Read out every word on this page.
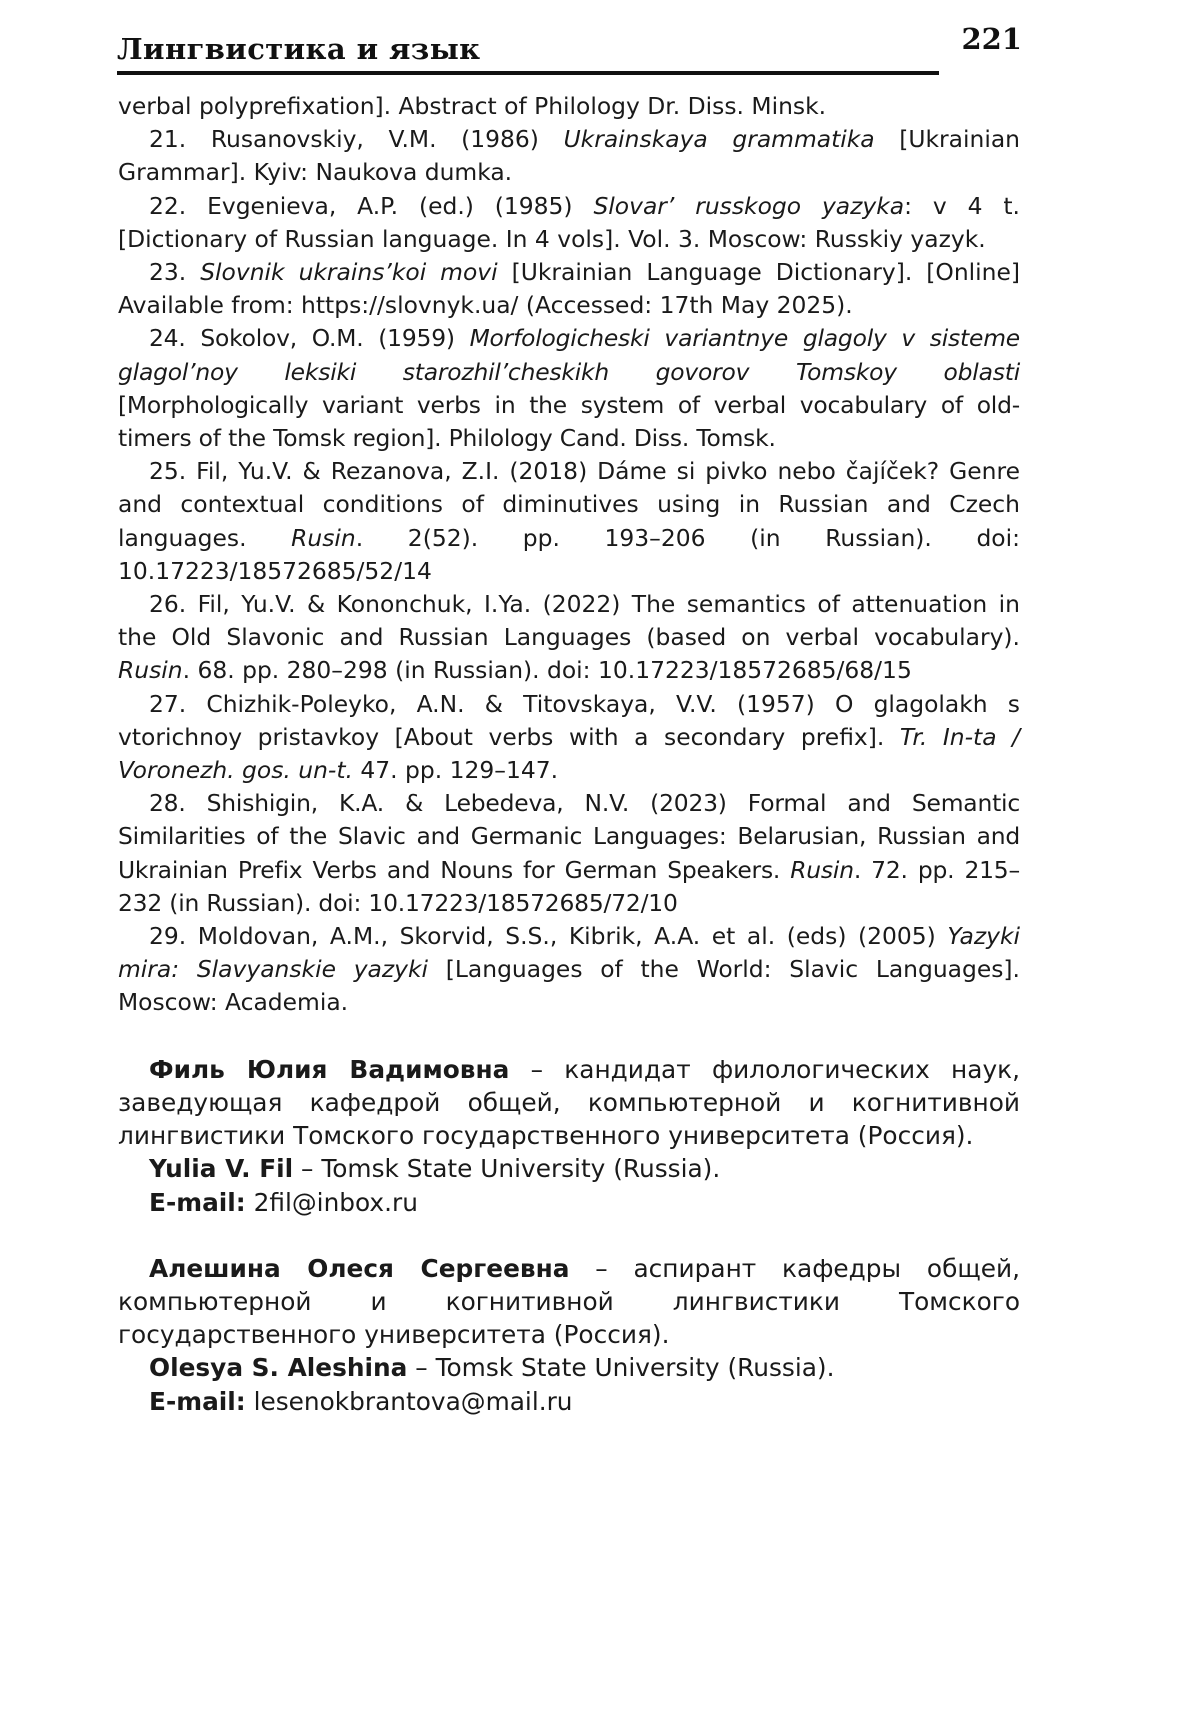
Лингвистика и язык	221

verbal polyprefixation]. Abstract of Philology Dr. Diss. Minsk.

21. Rusanovskiy, V.M. (1986) Ukrainskaya grammatika [Ukrainian Grammar]. Kyiv: Naukova dumka.

22. Evgenieva, A.P. (ed.) (1985) Slovar’ russkogo yazyka: v 4 t. [Dictionary of Russian language. In 4 vols]. Vol. 3. Moscow: Russkiy yazyk.

23. Slovnik ukrains’koi movi [Ukrainian Language Dictionary]. [Online] Available from: https://slovnyk.ua/ (Accessed: 17th May 2025).

24. Sokolov, O.M. (1959) Morfologicheski variantnye glagoly v sisteme glagol’noy leksiki starozhil’cheskikh govorov Tomskoy oblasti [Morphologically variant verbs in the system of verbal vocabulary of old-timers of the Tomsk region]. Philology Cand. Diss. Tomsk.

25. Fil, Yu.V. & Rezanova, Z.I. (2018) Dáme si pivko nebo čajíček? Genre and contextual conditions of diminutives using in Russian and Czech languages. Rusin. 2(52). pp. 193–206 (in Russian). doi: 10.17223/18572685/52/14

26. Fil, Yu.V. & Kononchuk, I.Ya. (2022) The semantics of attenuation in the Old Slavonic and Russian Languages (based on verbal vocabulary). Rusin. 68. pp. 280–298 (in Russian). doi: 10.17223/18572685/68/15

27. Chizhik-Poleyko, A.N. & Titovskaya, V.V. (1957) O glagolakh s vtorichnoy pristavkoy [About verbs with a secondary prefix]. Tr. In-ta / Voronezh. gos. un-t. 47. pp. 129–147.

28. Shishigin, K.A. & Lebedeva, N.V. (2023) Formal and Semantic Similarities of the Slavic and Germanic Languages: Belarusian, Russian and Ukrainian Prefix Verbs and Nouns for German Speakers. Rusin. 72. pp. 215–232 (in Russian). doi: 10.17223/18572685/72/10

29. Moldovan, A.M., Skorvid, S.S., Kibrik, A.A. et al. (eds) (2005) Yazyki mira: Slavyanskie yazyki [Languages of the World: Slavic Languages]. Moscow: Academia.

Филь Юлия Вадимовна – кандидат филологических наук, заведующая кафедрой общей, компьютерной и когнитивной лингвистики Томского государственного университета (Россия).

Yulia V. Fil – Tomsk State University (Russia).

E-mail: 2fil@inbox.ru

Алешина Олеся Сергеевна – аспирант кафедры общей, компьютерной и когнитивной лингвистики Томского государственного университета (Россия).

Olesya S. Aleshina – Tomsk State University (Russia).

E-mail: lesenokbrantova@mail.ru
